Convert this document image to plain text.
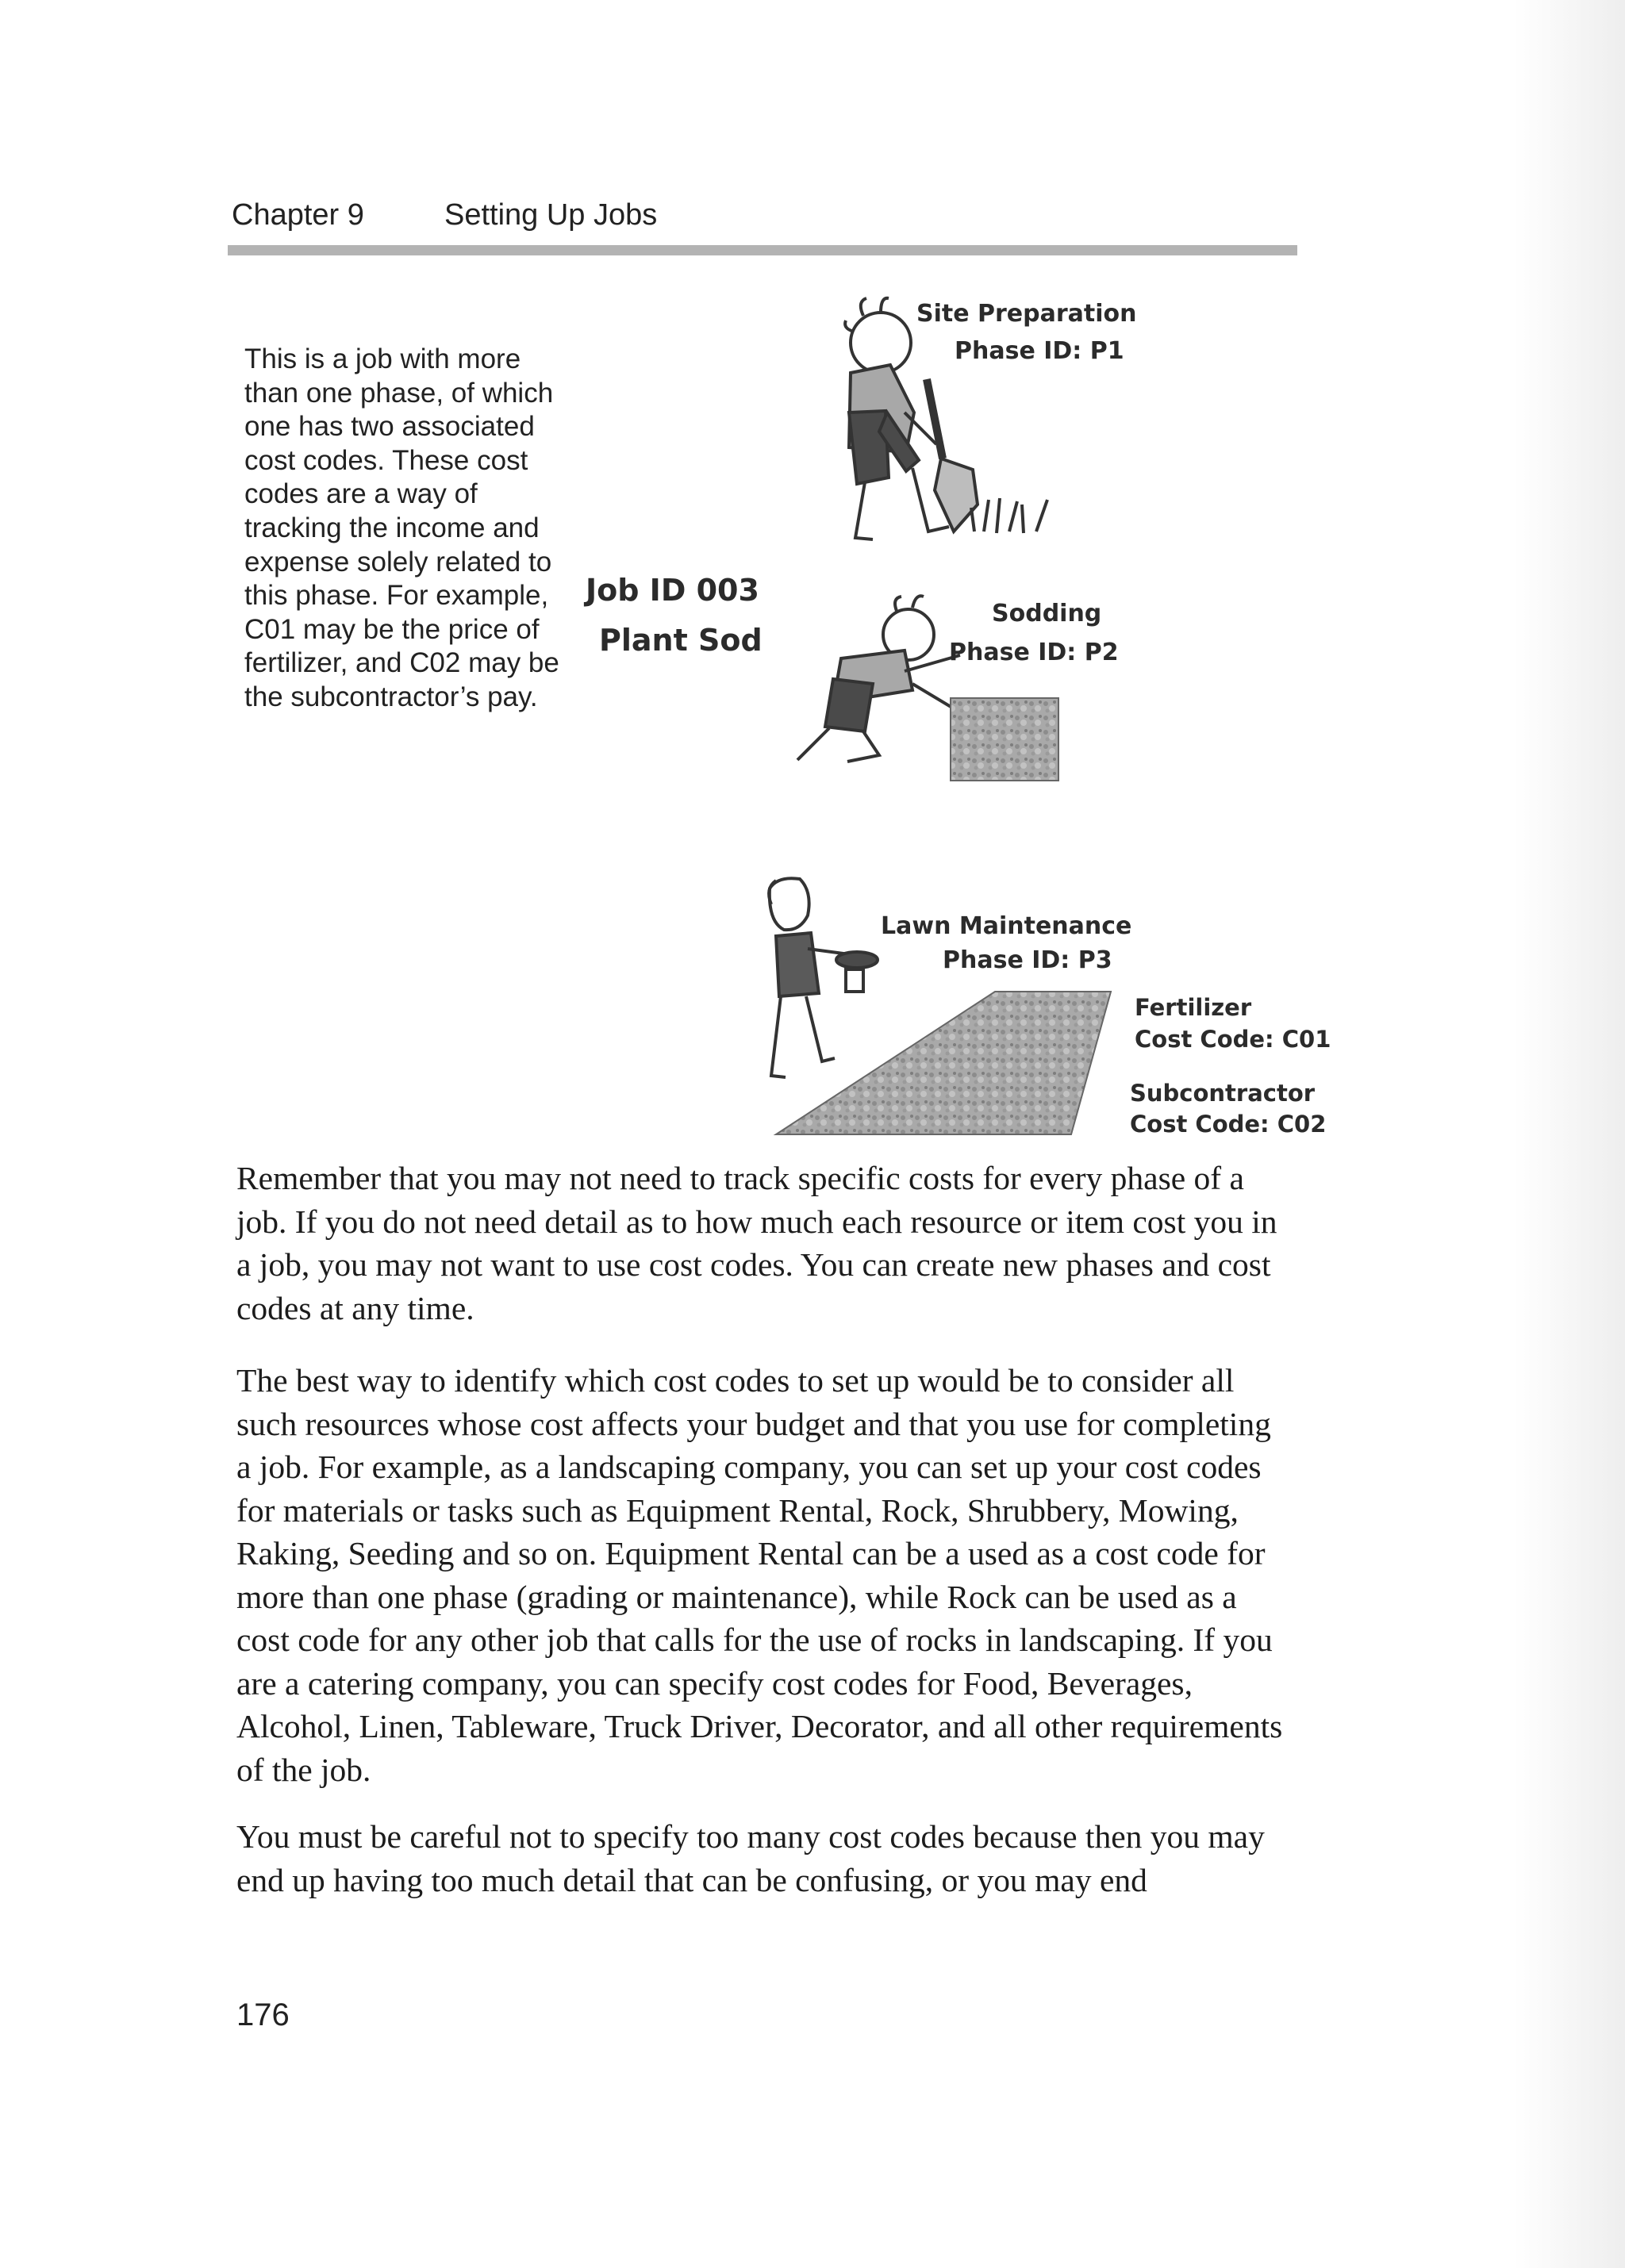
Chapter 9	Setting Up Jobs
This is a job with more than one phase, of which one has two associated cost codes. These cost codes are a way of tracking the income and expense solely related to this phase. For example, C01 may be the price of fertilizer, and C02 may be the subcontractor’s pay.
Site Preparation
Phase ID: P1
Job ID 003
Plant Sod
Sodding
Phase ID: P2
Lawn Maintenance
Phase ID: P3
Fertilizer
Cost Code: C01
Subcontractor
Cost Code: C02

Remember that you may not need to track specific costs for every phase of a job. If you do not need detail as to how much each resource or item cost you in a job, you may not want to use cost codes. You can create new phases and cost codes at any time.

The best way to identify which cost codes to set up would be to consider all such resources whose cost affects your budget and that you use for completing a job. For example, as a landscaping company, you can set up your cost codes for materials or tasks such as Equipment Rental, Rock, Shrubbery, Mowing, Raking, Seeding and so on. Equipment Rental can be a used as a cost code for more than one phase (grading or maintenance), while Rock can be used as a cost code for any other job that calls for the use of rocks in landscaping. If you are a catering company, you can specify cost codes for Food, Beverages, Alcohol, Linen, Tableware, Truck Driver, Decorator, and all other requirements of the job.

You must be careful not to specify too many cost codes because then you may end up having too much detail that can be confusing, or you may end

176
